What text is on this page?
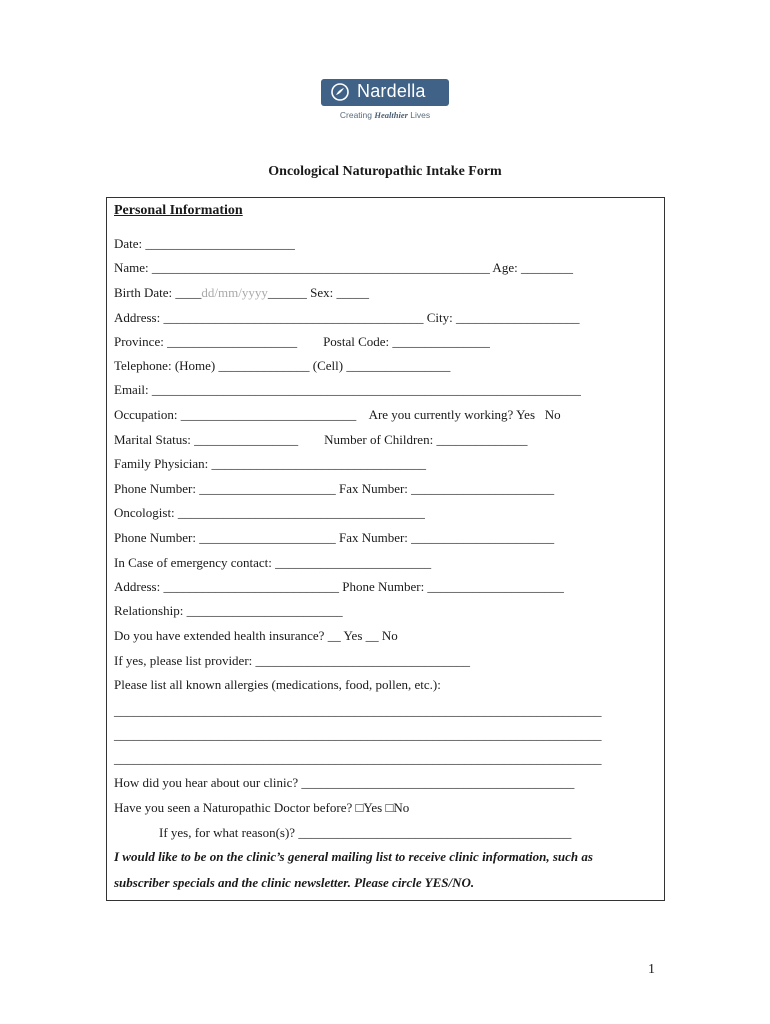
Nardella
Creating Healthier Lives
Oncological Naturopathic Intake Form
Personal Information
Date: _______________________
Name: ____________________________________________________ Age: ________
Birth Date: ____dd/mm/yyyy______ Sex: _____
Address: ________________________________________ City: ___________________
Province: ____________________        Postal Code: _______________
Telephone: (Home) ______________ (Cell) ________________
Email: __________________________________________________________________
Occupation: ___________________________    Are you currently working? Yes   No
Marital Status: ________________        Number of Children: ______________
Family Physician: _________________________________
Phone Number: _____________________ Fax Number: ______________________
Oncologist: ______________________________________
Phone Number: _____________________ Fax Number: ______________________
In Case of emergency contact: ________________________
Address: ___________________________ Phone Number: _____________________
Relationship: ________________________
Do you have extended health insurance? __ Yes __ No
If yes, please list provider: _________________________________
Please list all known allergies (medications, food, pollen, etc.):
___________________________________________________________________________
___________________________________________________________________________
___________________________________________________________________________
How did you hear about our clinic? __________________________________________
Have you seen a Naturopathic Doctor before? □Yes □No
If yes, for what reason(s)? __________________________________________
I would like to be on the clinic’s general mailing list to receive clinic information, such as
subscriber specials and the clinic newsletter. Please circle YES/NO.
1
